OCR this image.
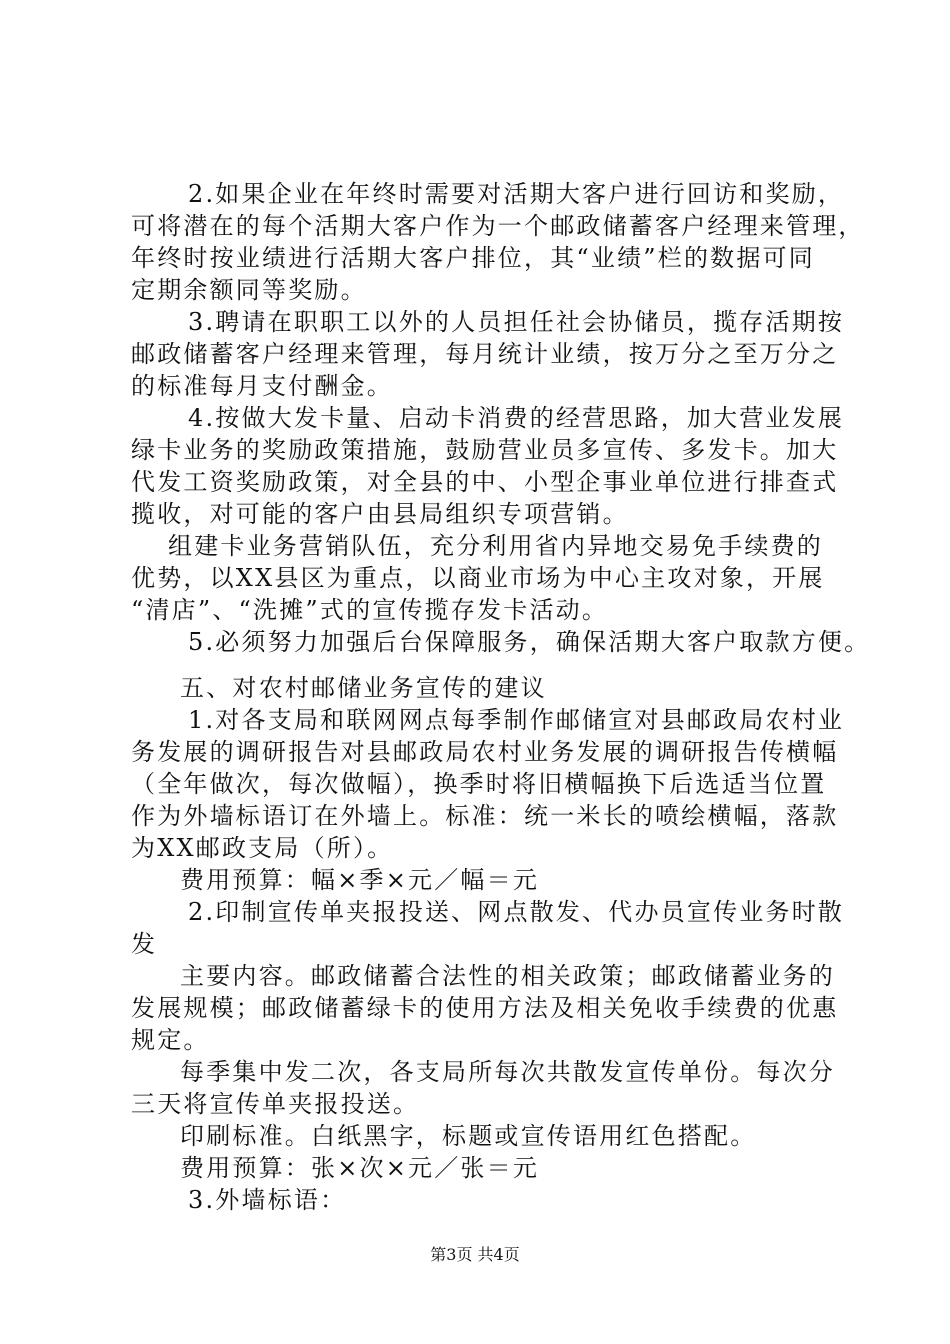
2.如果企业在年终时需要对活期大客户进行回访和奖励，
可将潜在的每个活期大客户作为一个邮政储蓄客户经理来管理，
年终时按业绩进行活期大客户排位，其“业绩”栏的数据可同
定期余额同等奖励。
3.聘请在职职工以外的人员担任社会协储员，揽存活期按
邮政储蓄客户经理来管理，每月统计业绩，按万分之至万分之
的标准每月支付酬金。
4.按做大发卡量、启动卡消费的经营思路，加大营业发展
绿卡业务的奖励政策措施，鼓励营业员多宣传、多发卡。加大
代发工资奖励政策，对全县的中、小型企事业单位进行排查式
揽收，对可能的客户由县局组织专项营销。
组建卡业务营销队伍，充分利用省内异地交易免手续费的
优势，以XX县区为重点，以商业市场为中心主攻对象，开展
“清店”、“洗摊”式的宣传揽存发卡活动。
5.必须努力加强后台保障服务，确保活期大客户取款方便。
五、对农村邮储业务宣传的建议
1.对各支局和联网网点每季制作邮储宣对县邮政局农村业
务发展的调研报告对县邮政局农村业务发展的调研报告传横幅
（全年做次，每次做幅），换季时将旧横幅换下后选适当位置
作为外墙标语订在外墙上。标准：统一米长的喷绘横幅，落款
为XX邮政支局（所）。
费用预算：幅×季×元／幅＝元
2.印制宣传单夹报投送、网点散发、代办员宣传业务时散
发
主要内容。邮政储蓄合法性的相关政策；邮政储蓄业务的
发展规模；邮政储蓄绿卡的使用方法及相关免收手续费的优惠
规定。
每季集中发二次，各支局所每次共散发宣传单份。每次分
三天将宣传单夹报投送。
印刷标准。白纸黑字，标题或宣传语用红色搭配。
费用预算：张×次×元／张＝元
3.外墙标语：
第3页 共4页
